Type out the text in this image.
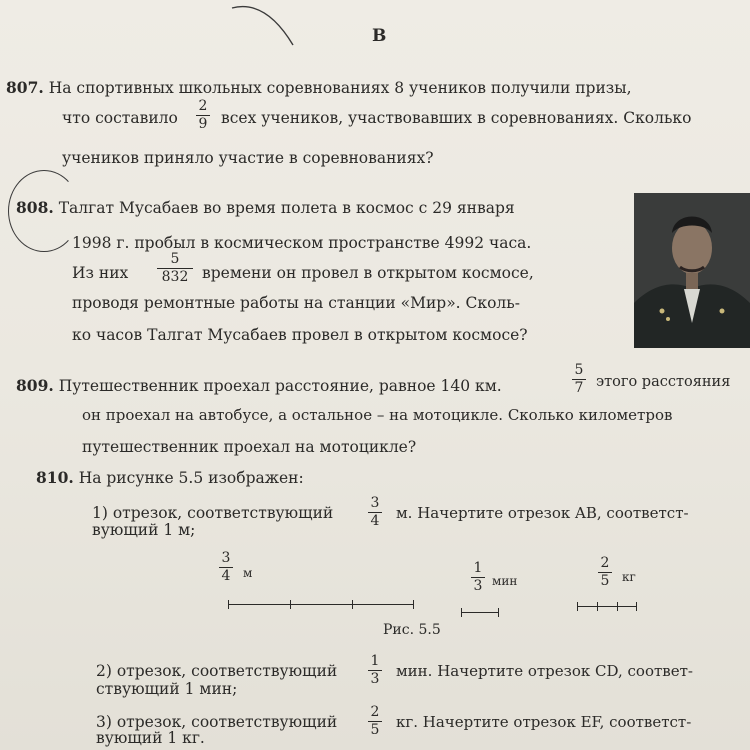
В
807. На спортивных школьных соревнованиях 8 учеников получили призы,
что составило
2
9 всех учеников, участвовавших в соревнованиях. Сколько
учеников приняло участие в соревнованиях?
808. Талгат Мусабаев во время полета в космос с 29 января
1998 г. пробыл в космическом пространстве 4992 часа.
Из них
5
832 времени он провел в открытом космосе,
проводя ремонтные работы на станции «Мир». Сколь-
ко часов Талгат Мусабаев провел в открытом космосе?
809. Путешественник проехал расстояние, равное 140 км.
5
7 этого расстояния
он проехал на автобусе, а остальное – на мотоцикле. Сколько километров
путешественник проехал на мотоцикле?
810. На рисунке 5.5 изображен:
1) отрезок, соответствующий
3
4 м. Начертите отрезок AB, соответст-
вующий 1 м;
3
4 м	1
3 мин
2
5 кг
Рис. 5.5
2) отрезок, соответствующий
1
3 мин. Начертите отрезок CD, соответ-
ствующий 1 мин;
3) отрезок, соответствующий
2
5 кг. Начертите отрезок EF, соответст-
вующий 1 кг.
